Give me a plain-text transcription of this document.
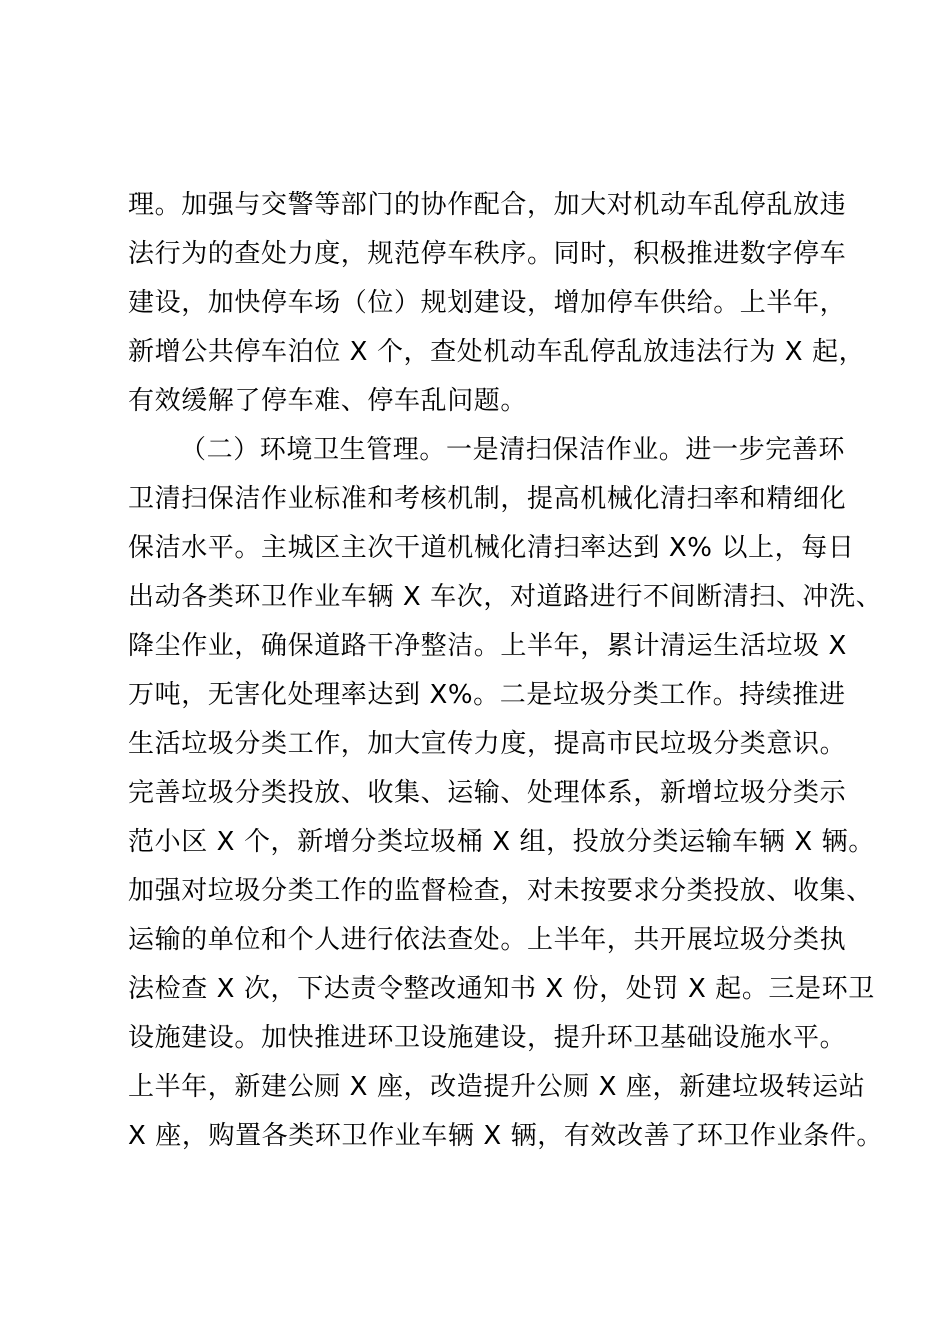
理。加强与交警等部门的协作配合，加大对机动车乱停乱放违
法行为的查处力度，规范停车秩序。同时，积极推进数字停车
建设，加快停车场（位）规划建设，增加停车供给。上半年，
新增公共停车泊位 X 个，查处机动车乱停乱放违法行为 X 起，
有效缓解了停车难、停车乱问题。
（二）环境卫生管理。一是清扫保洁作业。进一步完善环
卫清扫保洁作业标准和考核机制，提高机械化清扫率和精细化
保洁水平。主城区主次干道机械化清扫率达到 X% 以上，每日
出动各类环卫作业车辆 X 车次，对道路进行不间断清扫、冲洗、
降尘作业，确保道路干净整洁。上半年，累计清运生活垃圾 X
万吨，无害化处理率达到 X%。二是垃圾分类工作。持续推进
生活垃圾分类工作，加大宣传力度，提高市民垃圾分类意识。
完善垃圾分类投放、收集、运输、处理体系，新增垃圾分类示
范小区 X 个，新增分类垃圾桶 X 组，投放分类运输车辆 X 辆。
加强对垃圾分类工作的监督检查，对未按要求分类投放、收集、
运输的单位和个人进行依法查处。上半年，共开展垃圾分类执
法检查 X 次，下达责令整改通知书 X 份，处罚 X 起。三是环卫
设施建设。加快推进环卫设施建设，提升环卫基础设施水平。
上半年，新建公厕 X 座，改造提升公厕 X 座，新建垃圾转运站
X 座，购置各类环卫作业车辆 X 辆，有效改善了环卫作业条件。
